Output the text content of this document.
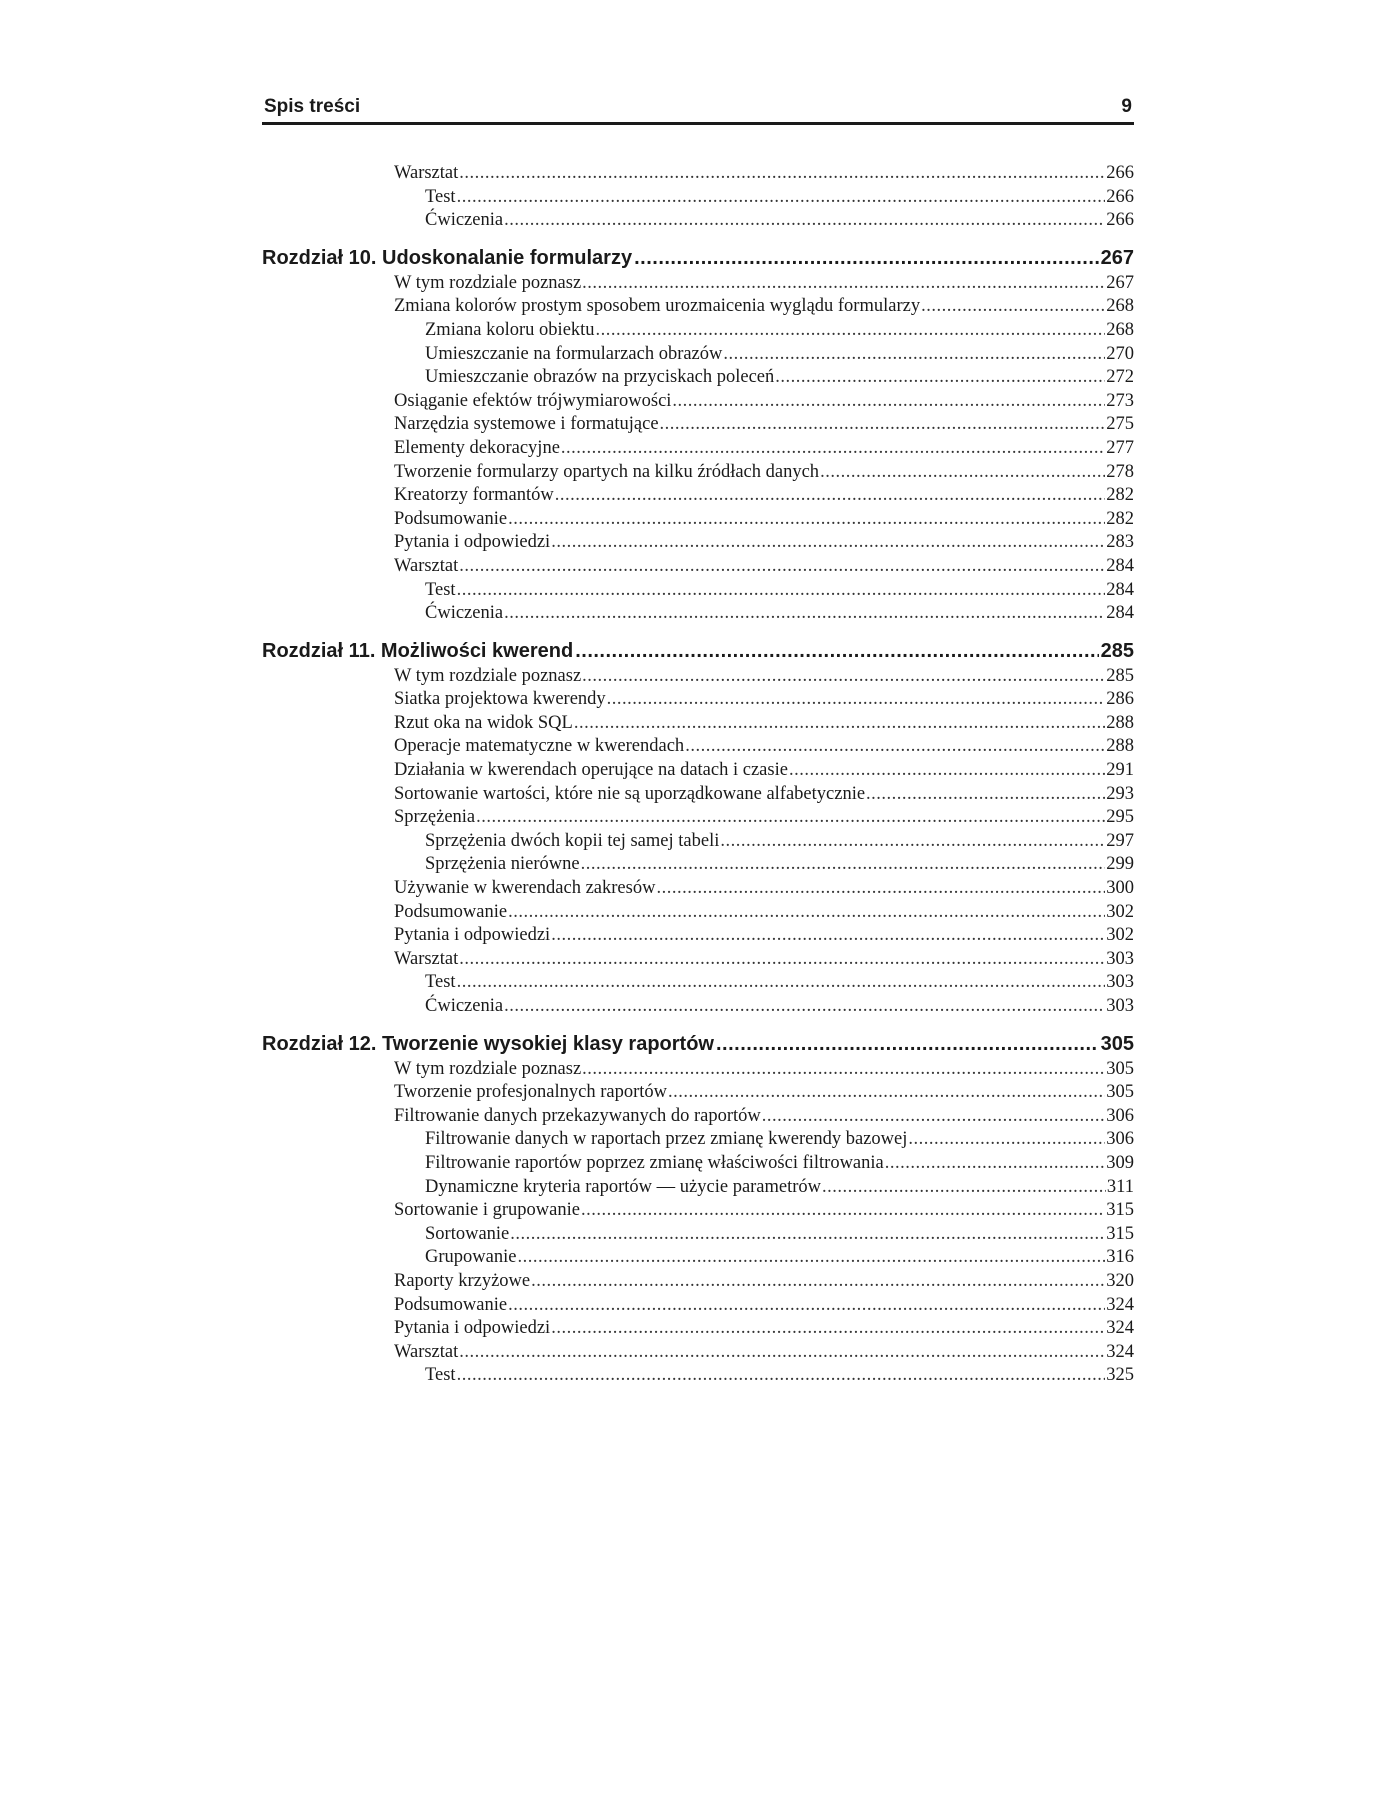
Spis treści	9
Warsztat .....	266
Test .....	266
Ćwiczenia .....	266
Rozdział 10. Udoskonalanie formularzy .....	267
W tym rozdziale poznasz .....	267
Zmiana kolorów prostym sposobem urozmaicenia wyglądu formularzy .....	268
Zmiana koloru obiektu .....	268
Umieszczanie na formularzach obrazów .....	270
Umieszczanie obrazów na przyciskach poleceń .....	272
Osiąganie efektów trójwymiarowości .....	273
Narzędzia systemowe i formatujące .....	275
Elementy dekoracyjne .....	277
Tworzenie formularzy opartych na kilku źródłach danych .....	278
Kreatorzy formantów .....	282
Podsumowanie .....	282
Pytania i odpowiedzi .....	283
Warsztat .....	284
Test .....	284
Ćwiczenia .....	284
Rozdział 11. Możliwości kwerend .....	285
W tym rozdziale poznasz .....	285
Siatka projektowa kwerendy .....	286
Rzut oka na widok SQL .....	288
Operacje matematyczne w kwerendach .....	288
Działania w kwerendach operujące na datach i czasie .....	291
Sortowanie wartości, które nie są uporządkowane alfabetycznie .....	293
Sprzężenia .....	295
Sprzężenia dwóch kopii tej samej tabeli .....	297
Sprzężenia nierówne .....	299
Używanie w kwerendach zakresów .....	300
Podsumowanie .....	302
Pytania i odpowiedzi .....	302
Warsztat .....	303
Test .....	303
Ćwiczenia .....	303
Rozdział 12. Tworzenie wysokiej klasy raportów .....	305
W tym rozdziale poznasz .....	305
Tworzenie profesjonalnych raportów .....	305
Filtrowanie danych przekazywanych do raportów .....	306
Filtrowanie danych w raportach przez zmianę kwerendy bazowej .....	306
Filtrowanie raportów poprzez zmianę właściwości filtrowania .....	309
Dynamiczne kryteria raportów — użycie parametrów .....	311
Sortowanie i grupowanie .....	315
Sortowanie .....	315
Grupowanie .....	316
Raporty krzyżowe .....	320
Podsumowanie .....	324
Pytania i odpowiedzi .....	324
Warsztat .....	324
Test .....	325
